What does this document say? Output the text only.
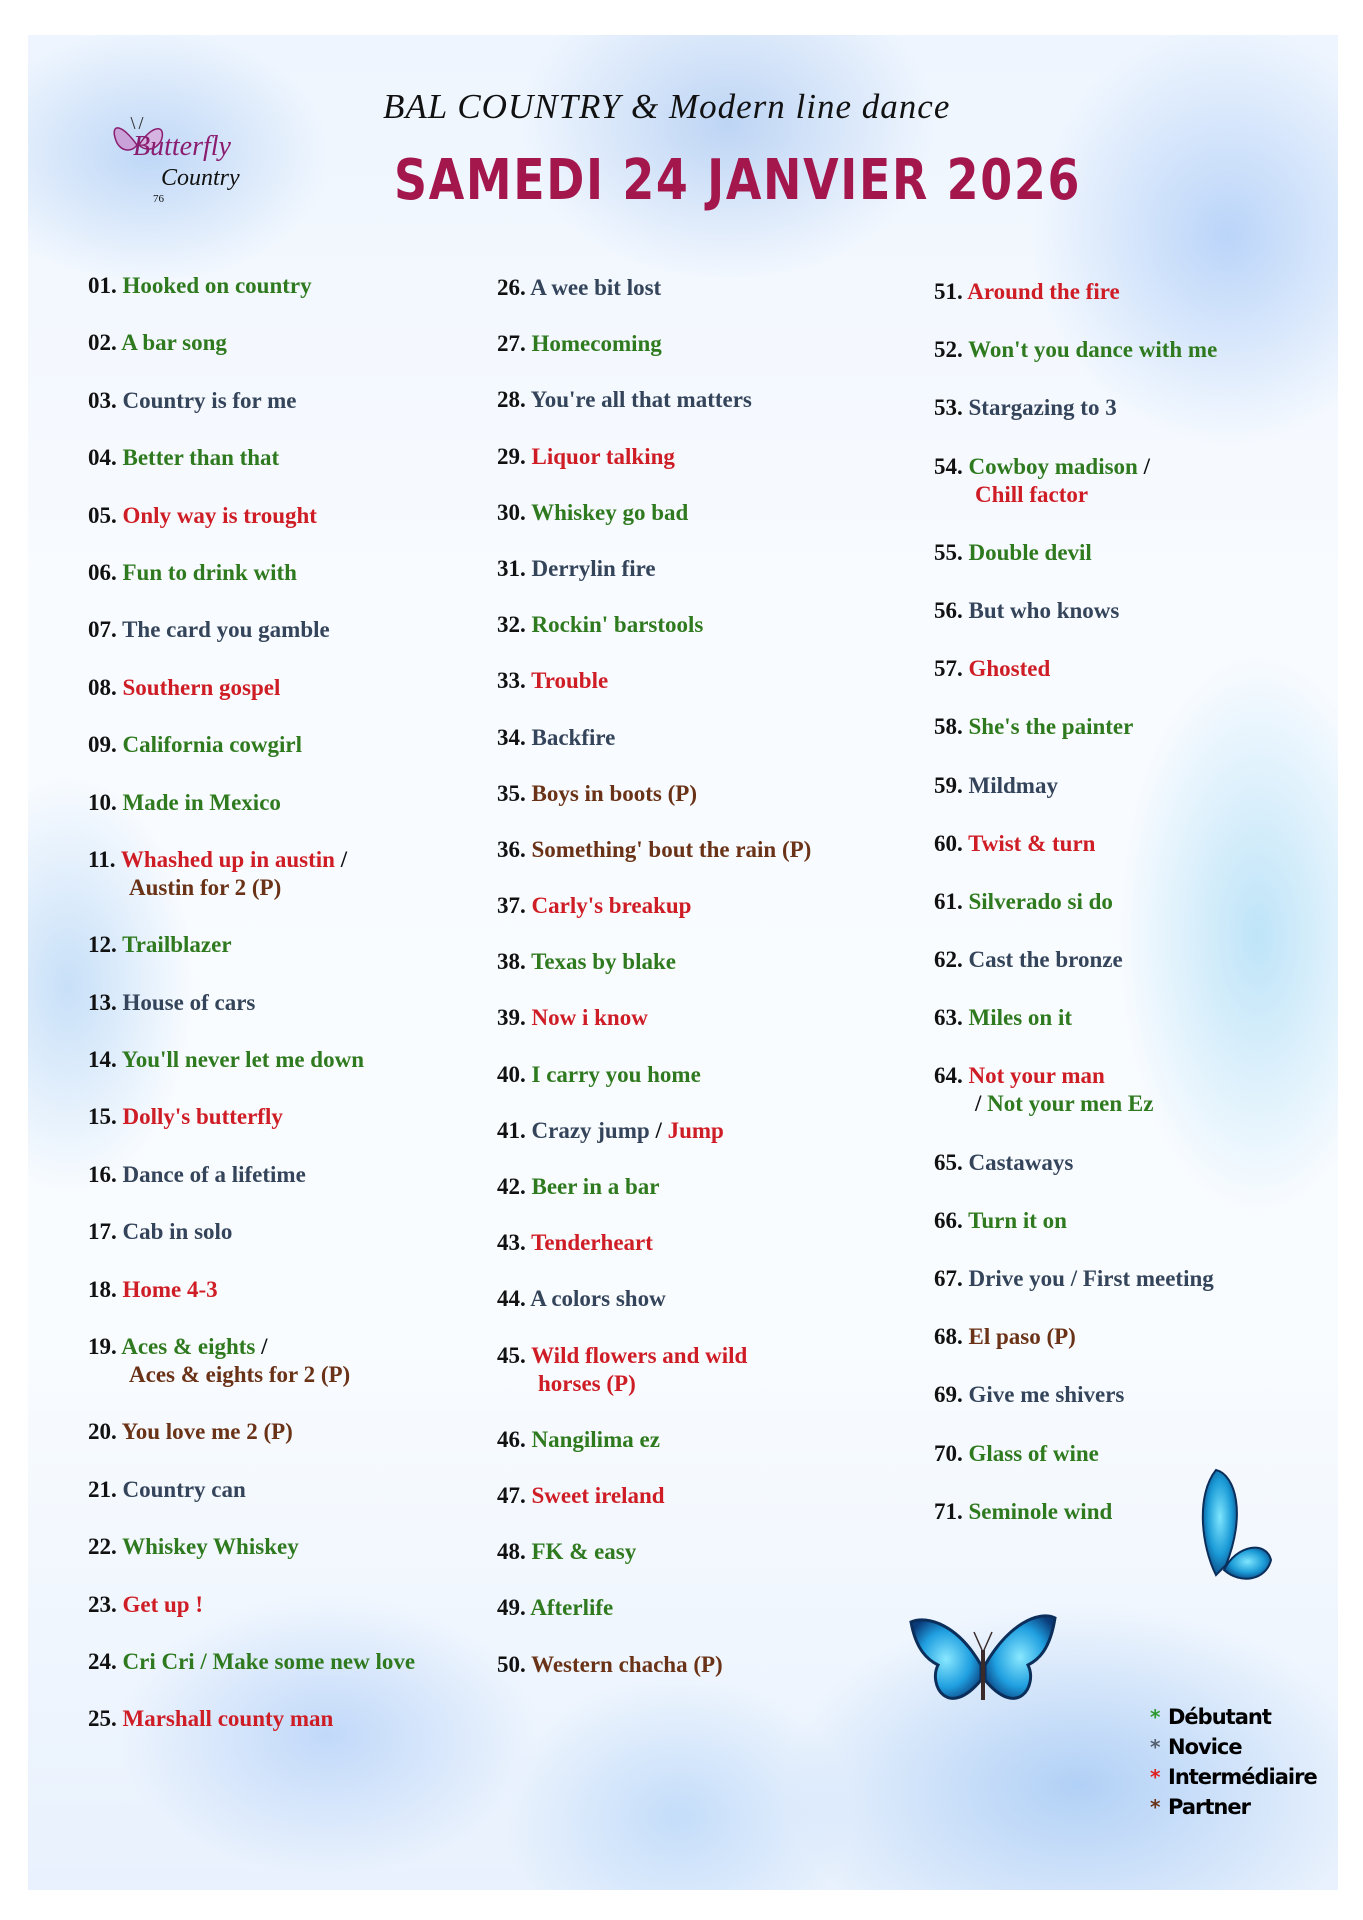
Butterfly
Country
76
BAL COUNTRY & Modern line dance
SAMEDI 24 JANVIER 2026
01. Hooked on country
02. A bar song
03. Country is for me
04. Better than that
05. Only way is trought
06. Fun to drink with
07. The card you gamble
08. Southern gospel
09. California cowgirl
10. Made in Mexico
11. Whashed up in austin /
Austin for 2 (P)
12. Trailblazer
13. House of cars
14. You'll never let me down
15. Dolly's butterfly
16. Dance of a lifetime
17. Cab in solo
18. Home 4-3
19. Aces & eights /
Aces & eights for 2 (P)
20. You love me 2 (P)
21. Country can
22. Whiskey Whiskey
23. Get up !
24. Cri Cri / Make some new love
25. Marshall county man
26. A wee bit lost
27. Homecoming
28. You're all that matters
29. Liquor talking
30. Whiskey go bad
31. Derrylin fire
32. Rockin' barstools
33. Trouble
34. Backfire
35. Boys in boots (P)
36. Something' bout the rain (P)
37. Carly's breakup
38. Texas by blake
39. Now i know
40. I carry you home
41. Crazy jump / Jump
42. Beer in a bar
43. Tenderheart
44. A colors show
45. Wild flowers and wild
horses (P)
46. Nangilima ez
47. Sweet ireland
48. FK & easy
49. Afterlife
50. Western chacha (P)
51. Around the fire
52. Won't you dance with me
53. Stargazing to 3
54. Cowboy madison /
Chill factor
55. Double devil
56. But who knows
57. Ghosted
58. She's the painter
59. Mildmay
60. Twist & turn
61. Silverado si do
62. Cast the bronze
63. Miles on it
64. Not your man
/ Not your men Ez
65. Castaways
66. Turn it on
67. Drive you / First meeting
68. El paso (P)
69. Give me shivers
70. Glass of wine
71. Seminole wind
* Débutant
* Novice
* Intermédiaire
* Partner
